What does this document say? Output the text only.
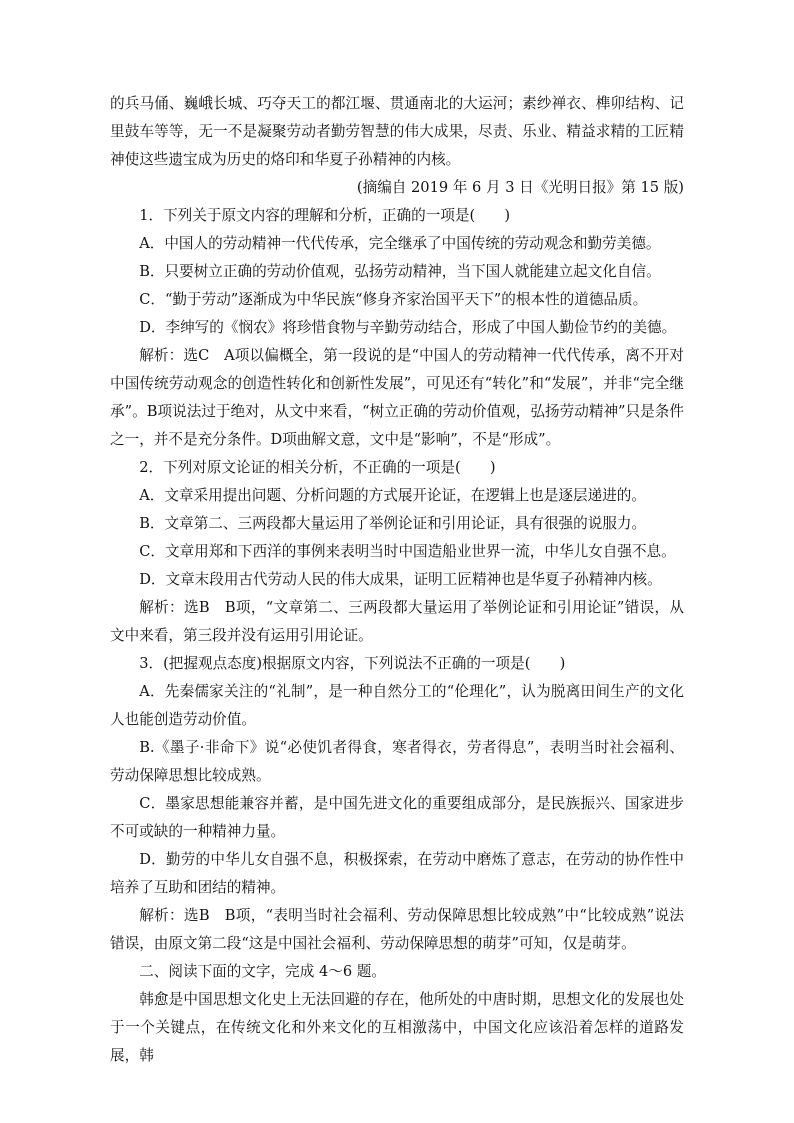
的兵马俑、巍峨长城、巧夺天工的都江堰、贯通南北的大运河；素纱禅衣、榫卯结构、记里鼓车等等，无一不是凝聚劳动者勤劳智慧的伟大成果，尽责、乐业、精益求精的工匠精神使这些遗宝成为历史的烙印和华夏子孙精神的内核。

(摘编自 2019 年 6 月 3 日《光明日报》第 15 版)

1．下列关于原文内容的理解和分析，正确的一项是(　　)

A．中国人的劳动精神一代代传承，完全继承了中国传统的劳动观念和勤劳美德。

B．只要树立正确的劳动价值观，弘扬劳动精神，当下国人就能建立起文化自信。

C．“勤于劳动”逐渐成为中华民族“修身齐家治国平天下”的根本性的道德品质。

D．李绅写的《悯农》将珍惜食物与辛勤劳动结合，形成了中国人勤俭节约的美德。

解析：选C　A项以偏概全，第一段说的是“中国人的劳动精神一代代传承，离不开对中国传统劳动观念的创造性转化和创新性发展”，可见还有“转化”和“发展”，并非“完全继承”。B项说法过于绝对，从文中来看，“树立正确的劳动价值观，弘扬劳动精神”只是条件之一，并不是充分条件。D项曲解文意，文中是“影响”，不是“形成”。

2．下列对原文论证的相关分析，不正确的一项是(　　)

A．文章采用提出问题、分析问题的方式展开论证，在逻辑上也是逐层递进的。

B．文章第二、三两段都大量运用了举例论证和引用论证，具有很强的说服力。

C．文章用郑和下西洋的事例来表明当时中国造船业世界一流，中华儿女自强不息。

D．文章末段用古代劳动人民的伟大成果，证明工匠精神也是华夏子孙精神内核。

解析：选B　B项，“文章第二、三两段都大量运用了举例论证和引用论证”错误，从文中来看，第三段并没有运用引用论证。

3．(把握观点态度)根据原文内容，下列说法不正确的一项是(　　)

A．先秦儒家关注的“礼制”，是一种自然分工的“伦理化”，认为脱离田间生产的文化人也能创造劳动价值。

B.《墨子·非命下》说“必使饥者得食，寒者得衣，劳者得息”，表明当时社会福利、劳动保障思想比较成熟。

C．墨家思想能兼容并蓄，是中国先进文化的重要组成部分，是民族振兴、国家进步不可或缺的一种精神力量。

D．勤劳的中华儿女自强不息，积极探索，在劳动中磨炼了意志，在劳动的协作性中培养了互助和团结的精神。

解析：选B　B项，“表明当时社会福利、劳动保障思想比较成熟”中“比较成熟”说法错误，由原文第二段“这是中国社会福利、劳动保障思想的萌芽”可知，仅是萌芽。

二、阅读下面的文字，完成 4～6 题。

韩愈是中国思想文化史上无法回避的存在，他所处的中唐时期，思想文化的发展也处于一个关键点，在传统文化和外来文化的互相激荡中，中国文化应该沿着怎样的道路发展，韩
